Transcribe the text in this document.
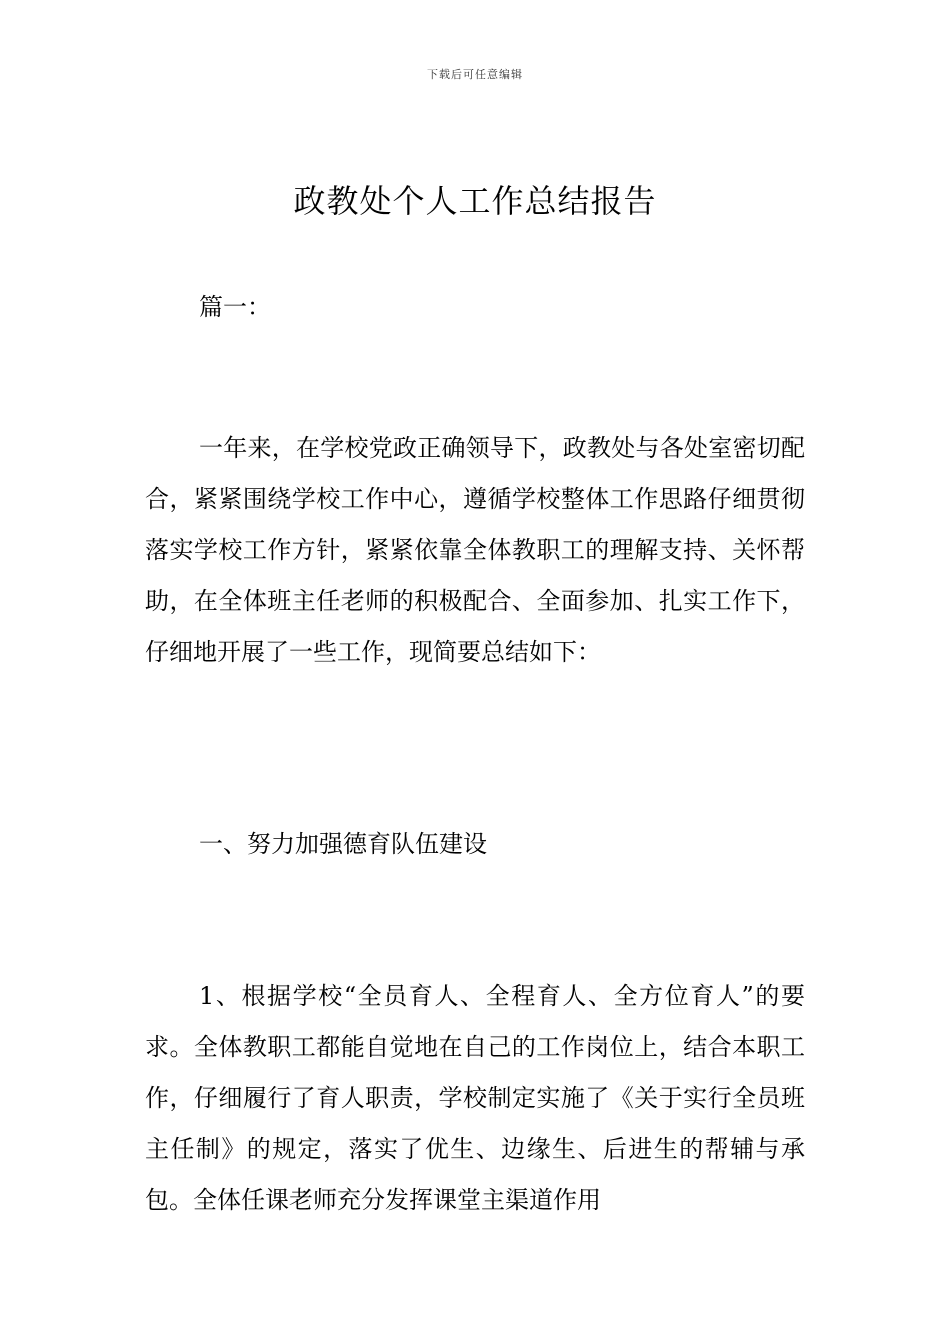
下载后可任意编辑
政教处个人工作总结报告

篇一：

一年来，在学校党政正确领导下，政教处与各处室密切配合，紧紧围绕学校工作中心，遵循学校整体工作思路仔细贯彻落实学校工作方针，紧紧依靠全体教职工的理解支持、关怀帮助，在全体班主任老师的积极配合、全面参加、扎实工作下，仔细地开展了一些工作，现简要总结如下：

一、努力加强德育队伍建设

1、根据学校“全员育人、全程育人、全方位育人”的要求。全体教职工都能自觉地在自己的工作岗位上，结合本职工作，仔细履行了育人职责，学校制定实施了《关于实行全员班主任制》的规定，落实了优生、边缘生、后进生的帮辅与承包。全体任课老师充分发挥课堂主渠道作用
